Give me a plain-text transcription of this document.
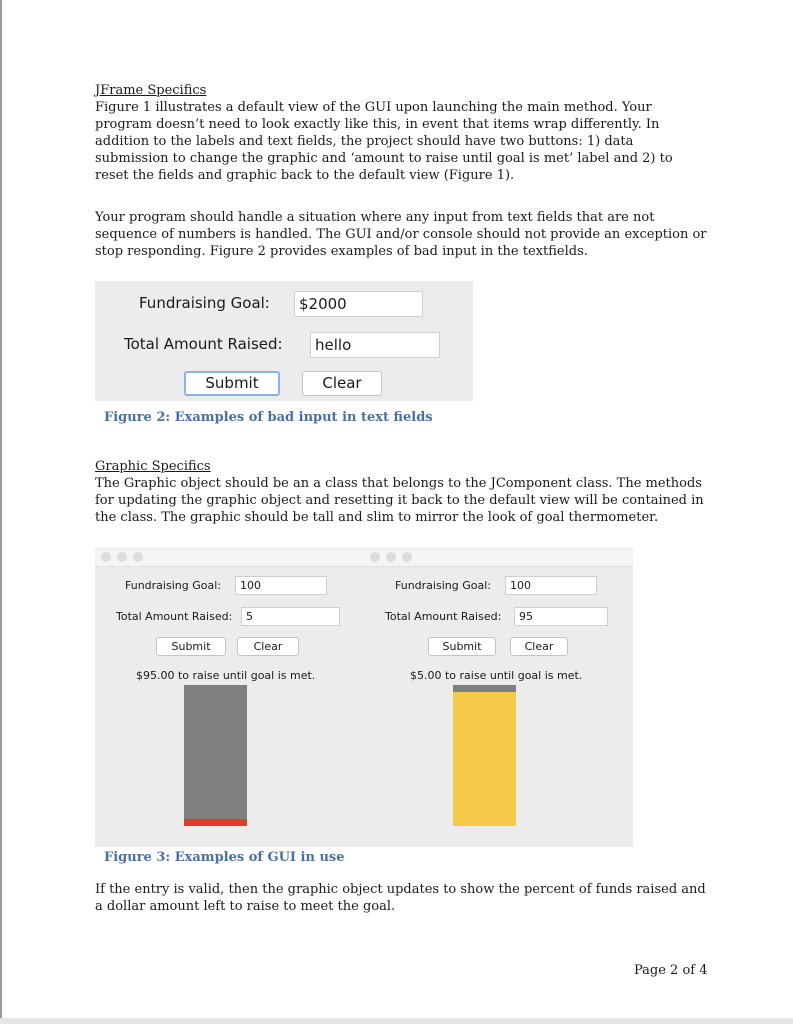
JFrame Specifics
Figure 1 illustrates a default view of the GUI upon launching the main method. Your program doesn’t need to look exactly like this, in event that items wrap differently. In addition to the labels and text fields, the project should have two buttons: 1) data submission to change the graphic and ‘amount to raise until goal is met’ label and 2) to reset the fields and graphic back to the default view (Figure 1).
Your program should handle a situation where any input from text fields that are not sequence of numbers is handled. The GUI and/or console should not provide an exception or stop responding. Figure 2 provides examples of bad input in the textfields.
Fundraising Goal:	$2000
Total Amount Raised:	hello
Submit	Clear
Figure 2: Examples of bad input in text fields
Graphic Specifics
The Graphic object should be an a class that belongs to the JComponent class. The methods for updating the graphic object and resetting it back to the default view will be contained in the class. The graphic should be tall and slim to mirror the look of goal thermometer.
Fundraising Goal:	100
Total Amount Raised:	5
Submit	Clear
$95.00 to raise until goal is met.
Fundraising Goal:	100
Total Amount Raised:	95
Submit	Clear
$5.00 to raise until goal is met.
Figure 3: Examples of GUI in use
If the entry is valid, then the graphic object updates to show the percent of funds raised and a dollar amount left to raise to meet the goal.
Page 2 of 4
